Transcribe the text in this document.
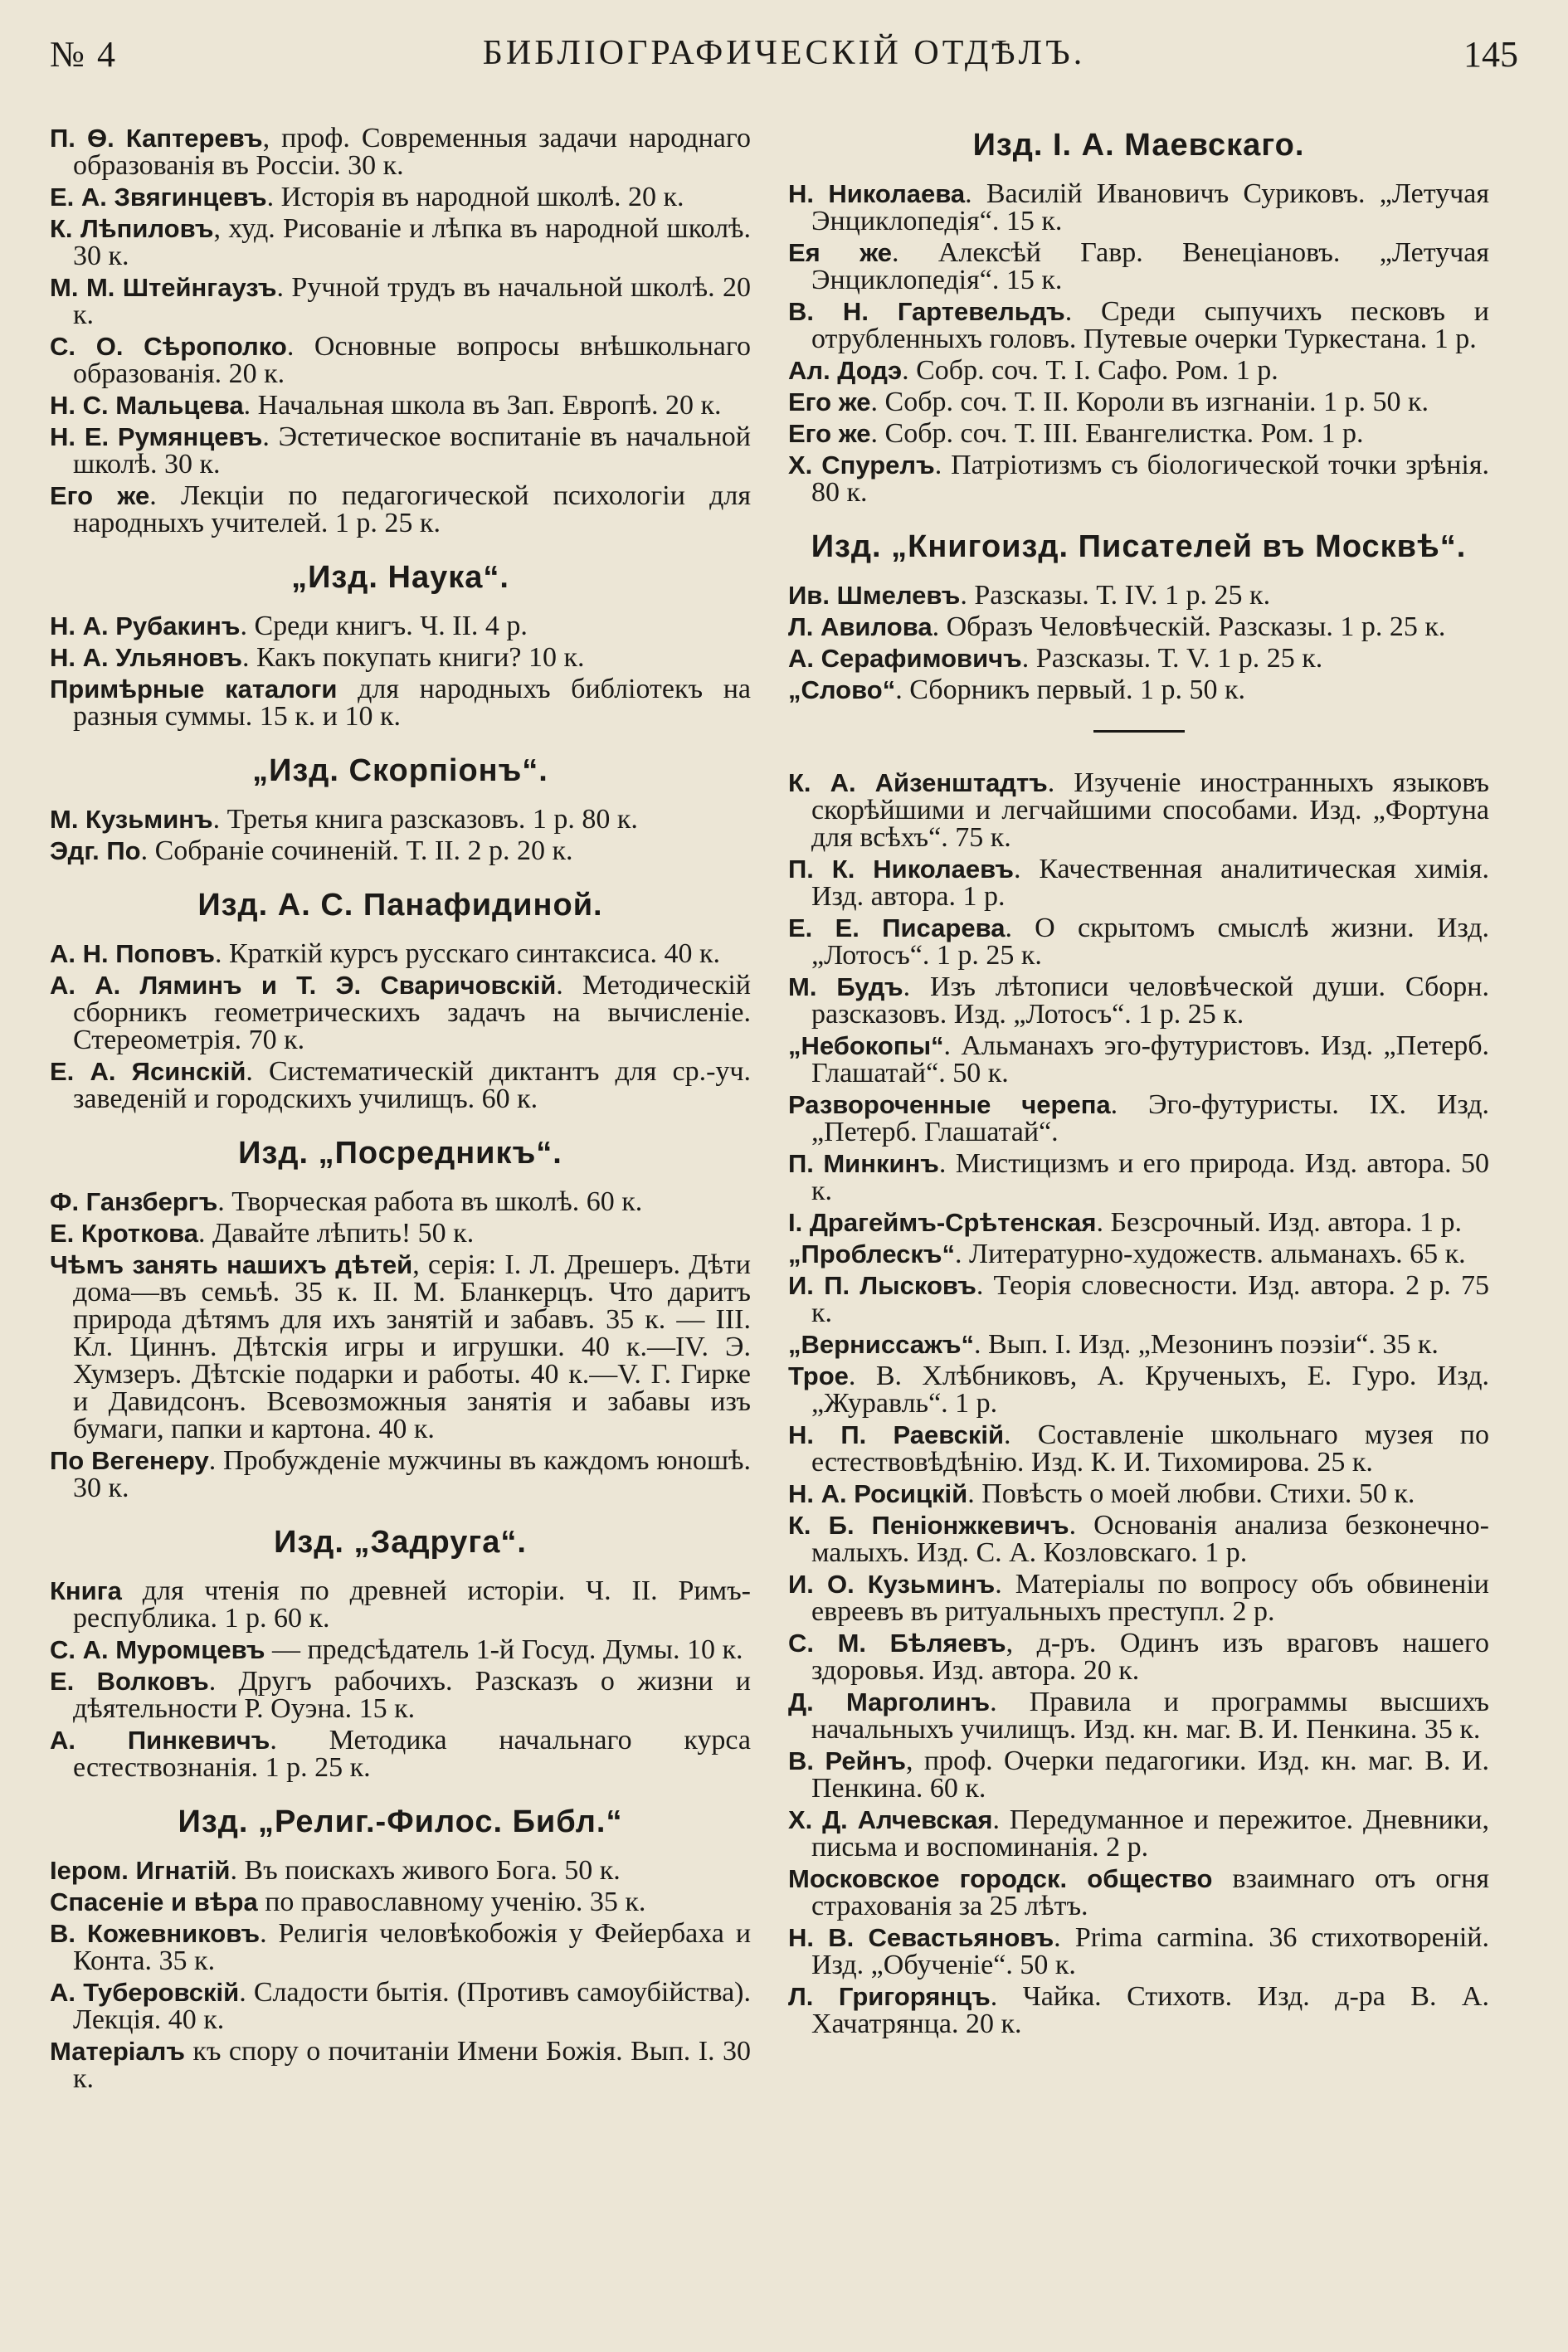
№ 4	БИБЛІОГРАФИЧЕСКІЙ ОТДѢЛЪ.	145
П. Ѳ. Каптеревъ, проф. Современныя задачи народнаго образованія въ Россіи. 30 к.
Е. А. Звягинцевъ. Исторія въ народной школѣ. 20 к.
К. Лѣпиловъ, худ. Рисованіе и лѣпка въ народной школѣ. 30 к.
М. М. Штейнгаузъ. Ручной трудъ въ начальной школѣ. 20 к.
С. О. Сѣрополко. Основные вопросы внѣшкольнаго образованія. 20 к.
Н. С. Мальцева. Начальная школа въ Зап. Европѣ. 20 к.
Н. Е. Румянцевъ. Эстетическое воспитаніе въ начальной школѣ. 30 к.
Его же. Лекціи по педагогической психологіи для народныхъ учителей. 1 р. 25 к.
„Изд. Наука“.
Н. А. Рубакинъ. Среди книгъ. Ч. II. 4 р.
Н. А. Ульяновъ. Какъ покупать книги? 10 к.
Примѣрные каталоги для народныхъ библіотекъ на разныя суммы. 15 к. и 10 к.
„Изд. Скорпіонъ“.
М. Кузьминъ. Третья книга разсказовъ. 1 р. 80 к.
Эдг. По. Собраніе сочиненій. Т. II. 2 р. 20 к.
Изд. А. С. Панафидиной.
А. Н. Поповъ. Краткій курсъ русскаго синтаксиса. 40 к.
А. А. Ляминъ и Т. Э. Сваричовскій. Методическій сборникъ геометрическихъ задачъ на вычисленіе. Стереометрія. 70 к.
Е. А. Ясинскій. Систематическій диктантъ для ср.-уч. заведеній и городскихъ училищъ. 60 к.
Изд. „Посредникъ“.
Ф. Ганзбергъ. Творческая работа въ школѣ. 60 к.
Е. Кроткова. Давайте лѣпить! 50 к.
Чѣмъ занять нашихъ дѣтей, серія: I. Л. Дрешеръ. Дѣти дома—въ семьѣ. 35 к. II. М. Бланкерцъ. Что даритъ природа дѣтямъ для ихъ занятій и забавъ. 35 к. — III. Кл. Циннъ. Дѣтскія игры и игрушки. 40 к.—IV. Э. Хумзеръ. Дѣтскіе подарки и работы. 40 к.—V. Г. Гирке и Давидсонъ. Всевозможныя занятія и забавы изъ бумаги, папки и картона. 40 к.
По Вегенеру. Пробужденіе мужчины въ каждомъ юношѣ. 30 к.
Изд. „Задруга“.
Книга для чтенія по древней исторіи. Ч. II. Римъ-республика. 1 р. 60 к.
С. А. Муромцевъ — предсѣдатель 1-й Госуд. Думы. 10 к.
Е. Волковъ. Другъ рабочихъ. Разсказъ о жизни и дѣятельности Р. Оуэна. 15 к.
А. Пинкевичъ. Методика начальнаго курса естествознанія. 1 р. 25 к.
Изд. „Религ.-Филос. Библ.“
Іером. Игнатій. Въ поискахъ живого Бога. 50 к.
Спасеніе и вѣра по православному ученію. 35 к.
В. Кожевниковъ. Религія человѣкобожія у Фейербаха и Конта. 35 к.
А. Туберовскій. Сладости бытія. (Противъ самоубійства). Лекція. 40 к.
Матеріалъ къ спору о почитаніи Имени Божія. Вып. I. 30 к.
Изд. І. А. Маевскаго.
Н. Николаева. Василій Ивановичъ Суриковъ. „Летучая Энциклопедія“. 15 к.
Ея же. Алексѣй Гавр. Венеціановъ. „Летучая Энциклопедія“. 15 к.
В. Н. Гартевельдъ. Среди сыпучихъ песковъ и отрубленныхъ головъ. Путевые очерки Туркестана. 1 р.
Ал. Додэ. Собр. соч. Т. I. Сафо. Ром. 1 р.
Его же. Собр. соч. Т. II. Короли въ изгнаніи. 1 р. 50 к.
Его же. Собр. соч. Т. III. Евангелистка. Ром. 1 р.
Х. Спурелъ. Патріотизмъ съ біологической точки зрѣнія. 80 к.
Изд. „Книгоизд. Писателей въ Москвѣ“.
Ив. Шмелевъ. Разсказы. Т. IV. 1 р. 25 к.
Л. Авилова. Образъ Человѣческій. Разсказы. 1 р. 25 к.
А. Серафимовичъ. Разсказы. Т. V. 1 р. 25 к.
„Слово“. Сборникъ первый. 1 р. 50 к.
К. А. Айзенштадтъ. Изученіе иностранныхъ языковъ скорѣйшими и легчайшими способами. Изд. „Фортуна для всѣхъ“. 75 к.
П. К. Николаевъ. Качественная аналитическая химія. Изд. автора. 1 р.
Е. Е. Писарева. О скрытомъ смыслѣ жизни. Изд. „Лотосъ“. 1 р. 25 к.
М. Будъ. Изъ лѣтописи человѣческой души. Сборн. разсказовъ. Изд. „Лотосъ“. 1 р. 25 к.
„Небокопы“. Альманахъ эго-футуристовъ. Изд. „Петерб. Глашатай“. 50 к.
Развороченные черепа. Эго-футуристы. IX. Изд. „Петерб. Глашатай“.
П. Минкинъ. Мистицизмъ и его природа. Изд. автора. 50 к.
I. Драгеймъ-Срѣтенская. Безсрочный. Изд. автора. 1 р.
„Проблескъ“. Литературно-художеств. альманахъ. 65 к.
И. П. Лысковъ. Теорія словесности. Изд. автора. 2 р. 75 к.
„Верниссажъ“. Вып. I. Изд. „Мезонинъ поэзіи“. 35 к.
Трое. В. Хлѣбниковъ, А. Крученыхъ, Е. Гуро. Изд. „Журавль“. 1 р.
Н. П. Раевскій. Составленіе школьнаго музея по естествовѣдѣнію. Изд. К. И. Тихомирова. 25 к.
Н. А. Росицкій. Повѣсть о моей любви. Стихи. 50 к.
К. Б. Пеніонжкевичъ. Основанія анализа безконечно-малыхъ. Изд. С. А. Козловскаго. 1 р.
И. О. Кузьминъ. Матеріалы по вопросу объ обвиненіи евреевъ въ ритуальныхъ преступл. 2 р.
С. М. Бѣляевъ, д-ръ. Одинъ изъ враговъ нашего здоровья. Изд. автора. 20 к.
Д. Марголинъ. Правила и программы высшихъ начальныхъ училищъ. Изд. кн. маг. В. И. Пенкина. 35 к.
В. Рейнъ, проф. Очерки педагогики. Изд. кн. маг. В. И. Пенкина. 60 к.
Х. Д. Алчевская. Передуманное и пережитое. Дневники, письма и воспоминанія. 2 р.
Московское городск. общество взаимнаго отъ огня страхованія за 25 лѣтъ.
Н. В. Севастьяновъ. Prima carmina. 36 стихотвореній. Изд. „Обученіе“. 50 к.
Л. Григорянцъ. Чайка. Стихотв. Изд. д-ра В. А. Хачатрянца. 20 к.
